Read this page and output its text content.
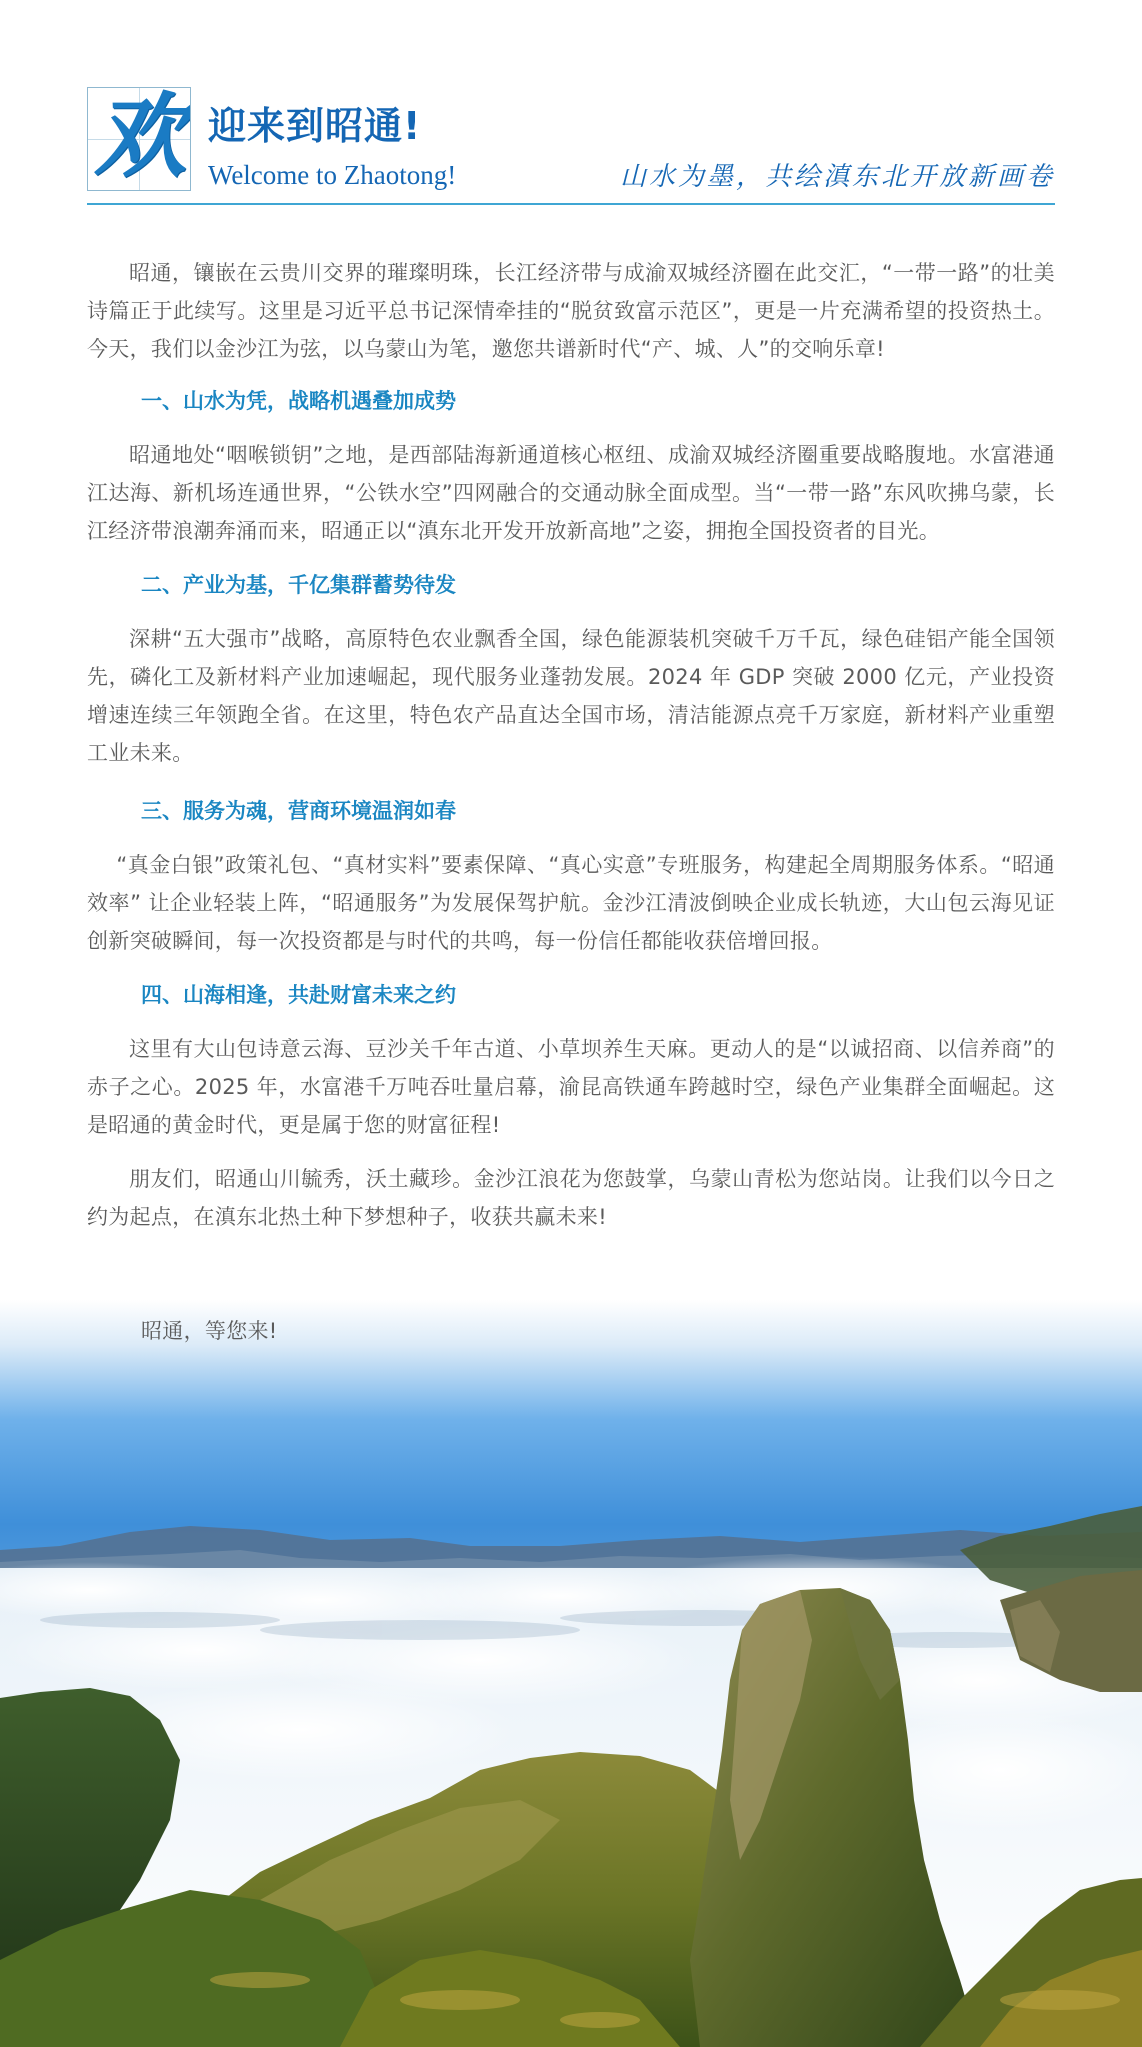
欢 迎来到昭通!
Welcome to Zhaotong!	山水为墨，共绘滇东北开放新画卷

昭通，镶嵌在云贵川交界的璀璨明珠，长江经济带与成渝双城经济圈在此交汇，“一带一路”的壮美诗篇正于此续写。这里是习近平总书记深情牵挂的“脱贫致富示范区”，更是一片充满希望的投资热土。今天，我们以金沙江为弦，以乌蒙山为笔，邀您共谱新时代“产、城、人”的交响乐章!

一、山水为凭，战略机遇叠加成势

昭通地处“咽喉锁钥”之地，是西部陆海新通道核心枢纽、成渝双城经济圈重要战略腹地。水富港通江达海、新机场连通世界，“公铁水空”四网融合的交通动脉全面成型。当“一带一路”东风吹拂乌蒙，长江经济带浪潮奔涌而来，昭通正以“滇东北开发开放新高地”之姿，拥抱全国投资者的目光。

二、产业为基，千亿集群蓄势待发

深耕“五大强市”战略，高原特色农业飘香全国，绿色能源装机突破千万千瓦，绿色硅铝产能全国领先，磷化工及新材料产业加速崛起，现代服务业蓬勃发展。2024 年 GDP 突破 2000 亿元，产业投资增速连续三年领跑全省。在这里，特色农产品直达全国市场，清洁能源点亮千万家庭，新材料产业重塑工业未来。

三、服务为魂，营商环境温润如春

“真金白银”政策礼包、“真材实料”要素保障、“真心实意”专班服务，构建起全周期服务体系。“昭通效率” 让企业轻装上阵，“昭通服务”为发展保驾护航。金沙江清波倒映企业成长轨迹，大山包云海见证创新突破瞬间，每一次投资都是与时代的共鸣，每一份信任都能收获倍增回报。

四、山海相逢，共赴财富未来之约

这里有大山包诗意云海、豆沙关千年古道、小草坝养生天麻。更动人的是“以诚招商、以信养商”的赤子之心。2025 年，水富港千万吨吞吐量启幕，渝昆高铁通车跨越时空，绿色产业集群全面崛起。这是昭通的黄金时代，更是属于您的财富征程!

朋友们，昭通山川毓秀，沃土藏珍。金沙江浪花为您鼓掌，乌蒙山青松为您站岗。让我们以今日之约为起点，在滇东北热土种下梦想种子，收获共赢未来!

昭通，等您来!
